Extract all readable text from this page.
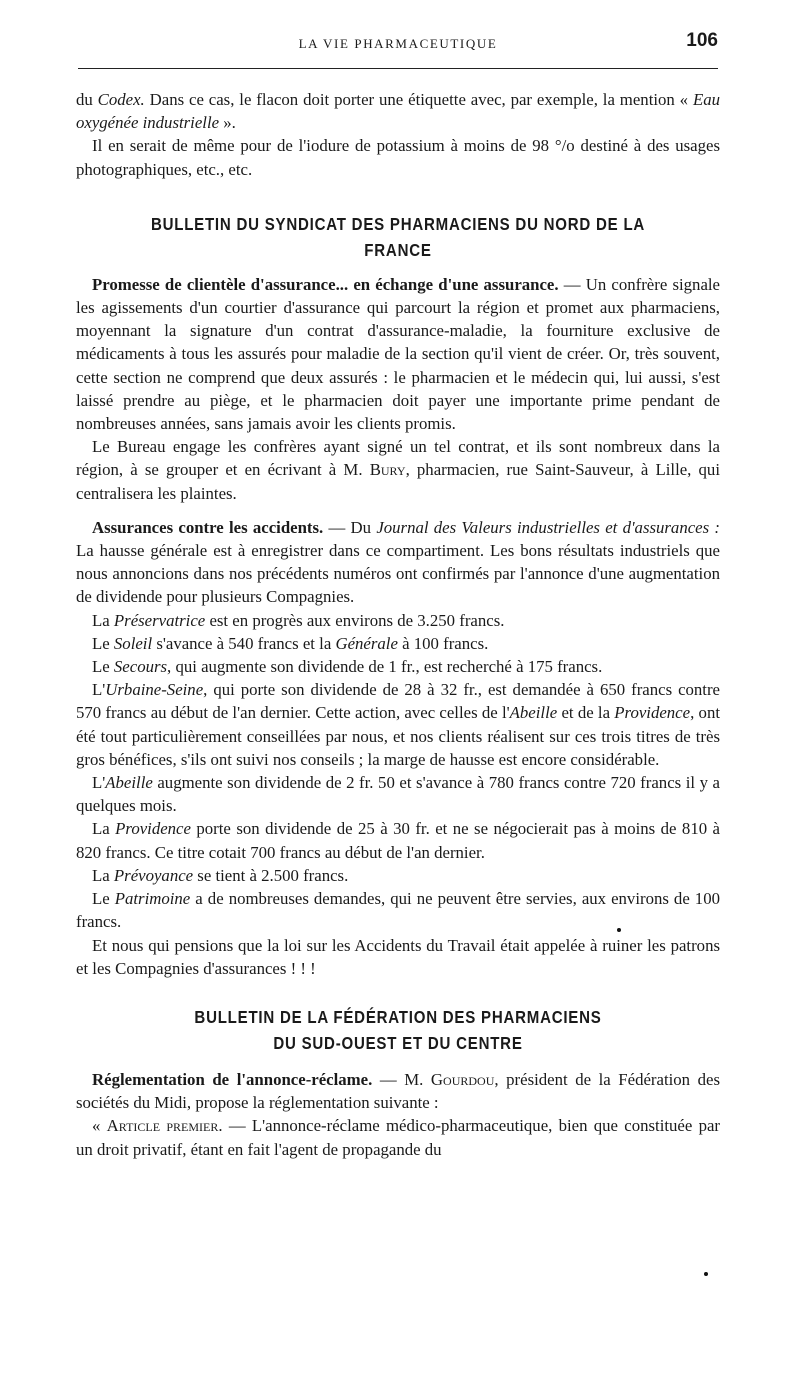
LA VIE PHARMACEUTIQUE	106

du Codex. Dans ce cas, le flacon doit porter une étiquette avec, par exemple, la mention « Eau oxygénée industrielle ».

Il en serait de même pour de l'iodure de potassium à moins de 98 °/o destiné à des usages photographiques, etc., etc.

BULLETIN DU SYNDICAT DES PHARMACIENS DU NORD DE LA FRANCE

Promesse de clientèle d'assurance... en échange d'une assurance. — Un confrère signale les agissements d'un courtier d'assurance qui parcourt la région et promet aux pharmaciens, moyennant la signature d'un contrat d'assurance-maladie, la fourniture exclusive de médicaments à tous les assurés pour maladie de la section qu'il vient de créer. Or, très souvent, cette section ne comprend que deux assurés : le pharmacien et le médecin qui, lui aussi, s'est laissé prendre au piège, et le pharmacien doit payer une importante prime pendant de nombreuses années, sans jamais avoir les clients promis.

Le Bureau engage les confrères ayant signé un tel contrat, et ils sont nombreux dans la région, à se grouper et en écrivant à M. Bury, pharmacien, rue Saint-Sauveur, à Lille, qui centralisera les plaintes.

Assurances contre les accidents. — Du Journal des Valeurs industrielles et d'assurances : La hausse générale est à enregistrer dans ce compartiment. Les bons résultats industriels que nous annoncions dans nos précédents numéros ont confirmés par l'annonce d'une augmentation de dividende pour plusieurs Compagnies.

La Préservatrice est en progrès aux environs de 3.250 francs.

Le Soleil s'avance à 540 francs et la Générale à 100 francs.

Le Secours, qui augmente son dividende de 1 fr., est recherché à 175 francs.

L'Urbaine-Seine, qui porte son dividende de 28 à 32 fr., est demandée à 650 francs contre 570 francs au début de l'an dernier. Cette action, avec celles de l'Abeille et de la Providence, ont été tout particulièrement conseillées par nous, et nos clients réalisent sur ces trois titres de très gros bénéfices, s'ils ont suivi nos conseils ; la marge de hausse est encore considérable.

L'Abeille augmente son dividende de 2 fr. 50 et s'avance à 780 francs contre 720 francs il y a quelques mois.

La Providence porte son dividende de 25 à 30 fr. et ne se négocierait pas à moins de 810 à 820 francs. Ce titre cotait 700 francs au début de l'an dernier.

La Prévoyance se tient à 2.500 francs.

Le Patrimoine a de nombreuses demandes, qui ne peuvent être servies, aux environs de 100 francs.

Et nous qui pensions que la loi sur les Accidents du Travail était appelée à ruiner les patrons et les Compagnies d'assurances ! ! !

BULLETIN DE LA FÉDÉRATION DES PHARMACIENS
DU SUD-OUEST ET DU CENTRE

Réglementation de l'annonce-réclame. — M. Gourdou, président de la Fédération des sociétés du Midi, propose la réglementation suivante :

« Article premier. — L'annonce-réclame médico-pharmaceutique, bien que constituée par un droit privatif, étant en fait l'agent de propagande du
